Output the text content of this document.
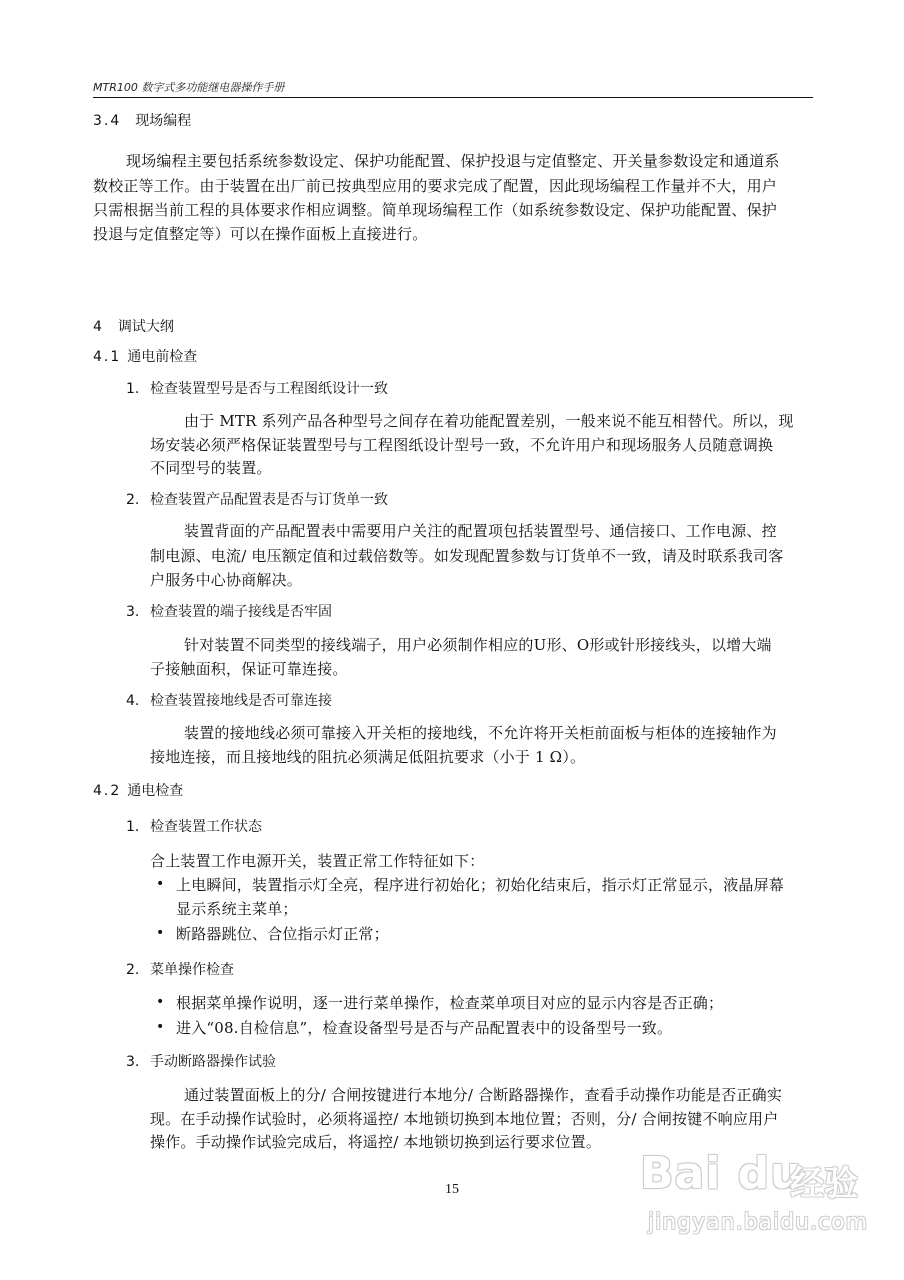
MTR100 数字式多功能继电器操作手册
3.4 现场编程
现场编程主要包括系统参数设定、保护功能配置、保护投退与定值整定、开关量参数设定和通道系
数校正等工作。由于装置在出厂前已按典型应用的要求完成了配置，因此现场编程工作量并不大，用户
只需根据当前工程的具体要求作相应调整。简单现场编程工作（如系统参数设定、保护功能配置、保护
投退与定值整定等）可以在操作面板上直接进行。
4 调试大纲
4.1 通电前检查
1. 检查装置型号是否与工程图纸设计一致
由于 MTR 系列产品各种型号之间存在着功能配置差别，一般来说不能互相替代。所以，现
场安装必须严格保证装置型号与工程图纸设计型号一致，不允许用户和现场服务人员随意调换
不同型号的装置。
2. 检查装置产品配置表是否与订货单一致
装置背面的产品配置表中需要用户关注的配置项包括装置型号、通信接口、工作电源、控
制电源、电流/ 电压额定值和过载倍数等。如发现配置参数与订货单不一致，请及时联系我司客
户服务中心协商解决。
3. 检查装置的端子接线是否牢固
针对装置不同类型的接线端子，用户必须制作相应的U形、O形或针形接线头，以增大端
子接触面积，保证可靠连接。
4. 检查装置接地线是否可靠连接
装置的接地线必须可靠接入开关柜的接地线，不允许将开关柜前面板与柜体的连接轴作为
接地连接，而且接地线的阻抗必须满足低阻抗要求（小于 1 Ω）。
4.2 通电检查
1. 检查装置工作状态
合上装置工作电源开关，装置正常工作特征如下：
• 上电瞬间，装置指示灯全亮，程序进行初始化；初始化结束后，指示灯正常显示，液晶屏幕
显示系统主菜单；
• 断路器跳位、合位指示灯正常；
2. 菜单操作检查
• 根据菜单操作说明，逐一进行菜单操作，检查菜单项目对应的显示内容是否正确；
• 进入“08.自检信息”，检查设备型号是否与产品配置表中的设备型号一致。
3. 手动断路器操作试验
通过装置面板上的分/ 合闸按键进行本地分/ 合断路器操作，查看手动操作功能是否正确实
现。在手动操作试验时，必须将遥控/ 本地锁切换到本地位置；否则，分/ 合闸按键不响应用户
操作。手动操作试验完成后，将遥控/ 本地锁切换到运行要求位置。
15	Bai du
经验
jingyan.baidu.com
